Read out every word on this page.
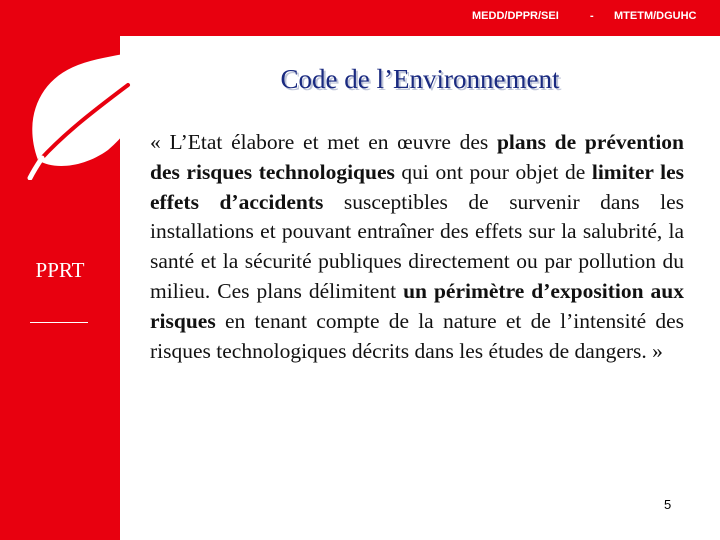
MEDD/DPPR/SEI	- MTETM/DGUHC
Code de l’Environnement
PPRT

« L’Etat élabore et met en œuvre des plans de prévention des risques technologiques qui ont pour objet de limiter les effets d’accidents susceptibles de survenir dans les installations et pouvant entraîner des effets sur la salubrité, la santé et la sécurité publiques directement ou par pollution du milieu. Ces plans délimitent un périmètre d’exposition aux risques en tenant compte de la nature et de l’intensité des risques technologiques décrits dans les études de dangers. »

5
